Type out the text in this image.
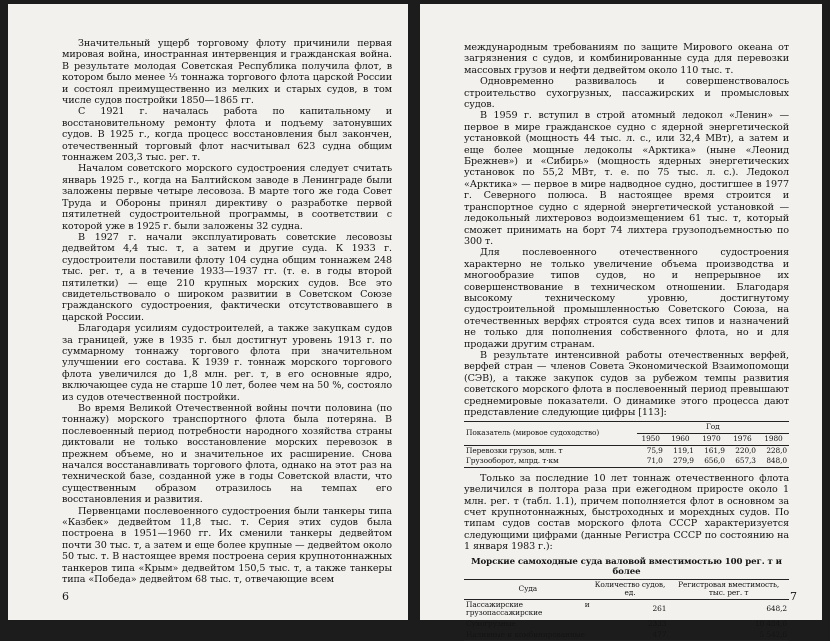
Значительный ущерб торговому флоту причинили первая мировая война, иностранная интервенция и гражданская война. В результате молодая Советская Республика получила флот, в котором было менее ⅓ тоннажа торгового флота царской России и состоял преимущественно из мелких и старых судов, в том числе судов постройки 1850—1865 гг.

С 1921 г. началась работа по капитальному и восстановительному ремонту флота и подъему затонувших судов. В 1925 г., когда процесс восстановления был закончен, отечественный торговый флот насчитывал 623 судна общим тоннажем 203,3 тыс. рег. т.

Началом советского морского судостроения следует считать январь 1925 г., когда на Балтийском заводе в Ленинграде были заложены первые четыре лесовоза. В марте того же года Совет Труда и Обороны принял директиву о разработке первой пятилетней судостроительной программы, в соответствии с которой уже в 1925 г. были заложены 32 судна.

В 1927 г. начали эксплуатировать советские лесовозы дедвейтом 4,4 тыс. т, а затем и другие суда. К 1933 г. судостроители поставили флоту 104 судна общим тоннажем 248 тыс. рег. т, а в течение 1933—1937 гг. (т. е. в годы второй пятилетки) — еще 210 крупных морских судов. Все это свидетельствовало о широком развитии в Советском Союзе гражданского судостроения, фактически отсутствовавшего в царской России.

Благодаря усилиям судостроителей, а также закупкам судов за границей, уже в 1935 г. был достигнут уровень 1913 г. по суммарному тоннажу торгового флота при значительном улучшении его состава. К 1939 г. тоннаж морского торгового флота увеличился до 1,8 млн. рег. т, в его основные ядро, включающее суда не старше 10 лет, более чем на 50 %, состояло из судов отечественной постройки.

Во время Великой Отечественной войны почти половина (по тоннажу) морского транспортного флота была потеряна. В послевоенный период потребности народного хозяйства страны диктовали не только восстановление морских перевозок в прежнем объеме, но и значительное их расширение. Снова начался восстанавливать торгового флота, однако на этот раз на технической базе, созданной уже в годы Советской власти, что существенным образом отразилось на темпах его восстановления и развития.

Первенцами послевоенного судостроения были танкеры типа «Казбек» дедвейтом 11,8 тыс. т. Серия этих судов была построена в 1951—1960 гг. Их сменили танкеры дедвейтом почти 30 тыс. т, а затем и еще более крупные — дедвейтом около 50 тыс. т. В настоящее время построена серия крупнотоннажных танкеров типа «Крым» дедвейтом 150,5 тыс. т, а также танкеры типа «Победа» дедвейтом 68 тыс. т, отвечающие всем

6

международным требованиям по защите Мирового океана от загрязнения с судов, и комбинированные суда для перевозки массовых грузов и нефти дедвейтом около 110 тыс. т.

Одновременно развивалось и совершенствовалось строительство сухогрузных, пассажирских и промысловых судов.

В 1959 г. вступил в строй атомный ледокол «Ленин» — первое в мире гражданское судно с ядерной энергетической установкой (мощность 44 тыс. л. с., или 32,4 МВт), а затем и еще более мощные ледоколы «Арктика» (ныне «Леонид Брежнев») и «Сибирь» (мощность ядерных энергетических установок по 55,2 МВт, т. е. по 75 тыс. л. с.). Ледокол «Арктика» — первое в мире надводное судно, достигшее в 1977 г. Северного полюса. В настоящее время строится и транспортное судно с ядерной энергетической установкой — ледокольный лихтеровоз водоизмещением 61 тыс. т, который сможет принимать на борт 74 лихтера грузоподъемностью по 300 т.

Для послевоенного отечественного судостроения характерно не только увеличение объема производства и многообразие типов судов, но и непрерывное их совершенствование в техническом отношении. Благодаря высокому техническому уровню, достигнутому судостроительной промышленностью Советского Союза, на отечественных верфях строятся суда всех типов и назначений не только для пополнения собственного флота, но и для продажи другим странам.

В результате интенсивной работы отечественных верфей, верфей стран — членов Совета Экономической Взаимопомощи (СЭВ), а также закупок судов за рубежом темпы развития советского морского флота в послевоенный период превышают среднемировые показатели. О динамике этого процесса дают представление следующие цифры [113]:

Показатель (мировое судоходство)	Год				
	1950	1960	1970	1976	1980
Перевозки грузов, млн. т	75,9	119,1	161,9	220,0	228,0
Грузооборот, млрд. т·км	71,0	279,9	656,0	657,3	848,0

Только за последние 10 лет тоннаж отечественного флота увеличился в полтора раза при ежегодном приросте около 1 млн. рег. т (табл. 1.1), причем пополняется флот в основном за счет крупнотоннажных, быстроходных и морехдных судов. По типам судов состав морского флота СССР характеризуется следующими цифрами (данные Регистра СССР по состоянию на 1 января 1983 г.):

Морские самоходные суда валовой вместимостью 100 рег. т и более
Суда	Количество судов, ед.	Регистровая вместимость, тыс. рег. т
Пассажирские и грузопассажирские	261	648,2
Сухогрузные	2333	10 484,6
Наливные и комбинированные	477	5 542,6
7
